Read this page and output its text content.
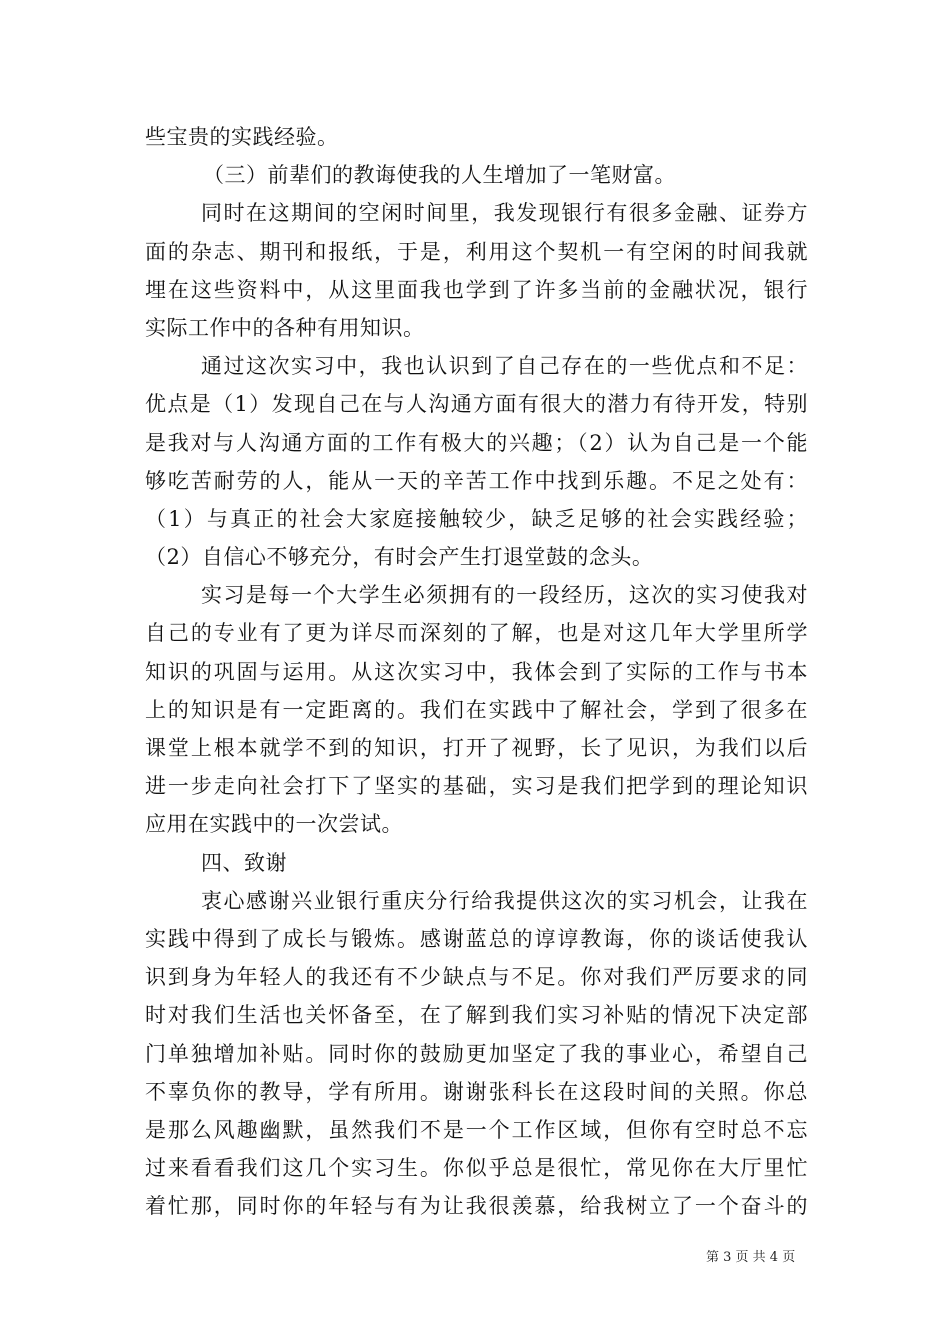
些宝贵的实践经验。
（三）前辈们的教诲使我的人生增加了一笔财富。
同时在这期间的空闲时间里，我发现银行有很多金融、证券方
面的杂志、期刊和报纸，于是，利用这个契机一有空闲的时间我就
埋在这些资料中，从这里面我也学到了许多当前的金融状况，银行
实际工作中的各种有用知识。
通过这次实习中，我也认识到了自己存在的一些优点和不足：
优点是（1）发现自己在与人沟通方面有很大的潜力有待开发，特别
是我对与人沟通方面的工作有极大的兴趣；（2）认为自己是一个能
够吃苦耐劳的人，能从一天的辛苦工作中找到乐趣。不足之处有：
（1）与真正的社会大家庭接触较少，缺乏足够的社会实践经验；
（2）自信心不够充分，有时会产生打退堂鼓的念头。
实习是每一个大学生必须拥有的一段经历，这次的实习使我对
自己的专业有了更为详尽而深刻的了解，也是对这几年大学里所学
知识的巩固与运用。从这次实习中，我体会到了实际的工作与书本
上的知识是有一定距离的。我们在实践中了解社会，学到了很多在
课堂上根本就学不到的知识，打开了视野，长了见识，为我们以后
进一步走向社会打下了坚实的基础，实习是我们把学到的理论知识
应用在实践中的一次尝试。
四、致谢
衷心感谢兴业银行重庆分行给我提供这次的实习机会，让我在
实践中得到了成长与锻炼。感谢蓝总的谆谆教诲，你的谈话使我认
识到身为年轻人的我还有不少缺点与不足。你对我们严厉要求的同
时对我们生活也关怀备至，在了解到我们实习补贴的情况下决定部
门单独增加补贴。同时你的鼓励更加坚定了我的事业心，希望自己
不辜负你的教导，学有所用。谢谢张科长在这段时间的关照。你总
是那么风趣幽默，虽然我们不是一个工作区域，但你有空时总不忘
过来看看我们这几个实习生。你似乎总是很忙，常见你在大厅里忙
着忙那，同时你的年轻与有为让我很羡慕，给我树立了一个奋斗的
第 3 页 共 4 页
